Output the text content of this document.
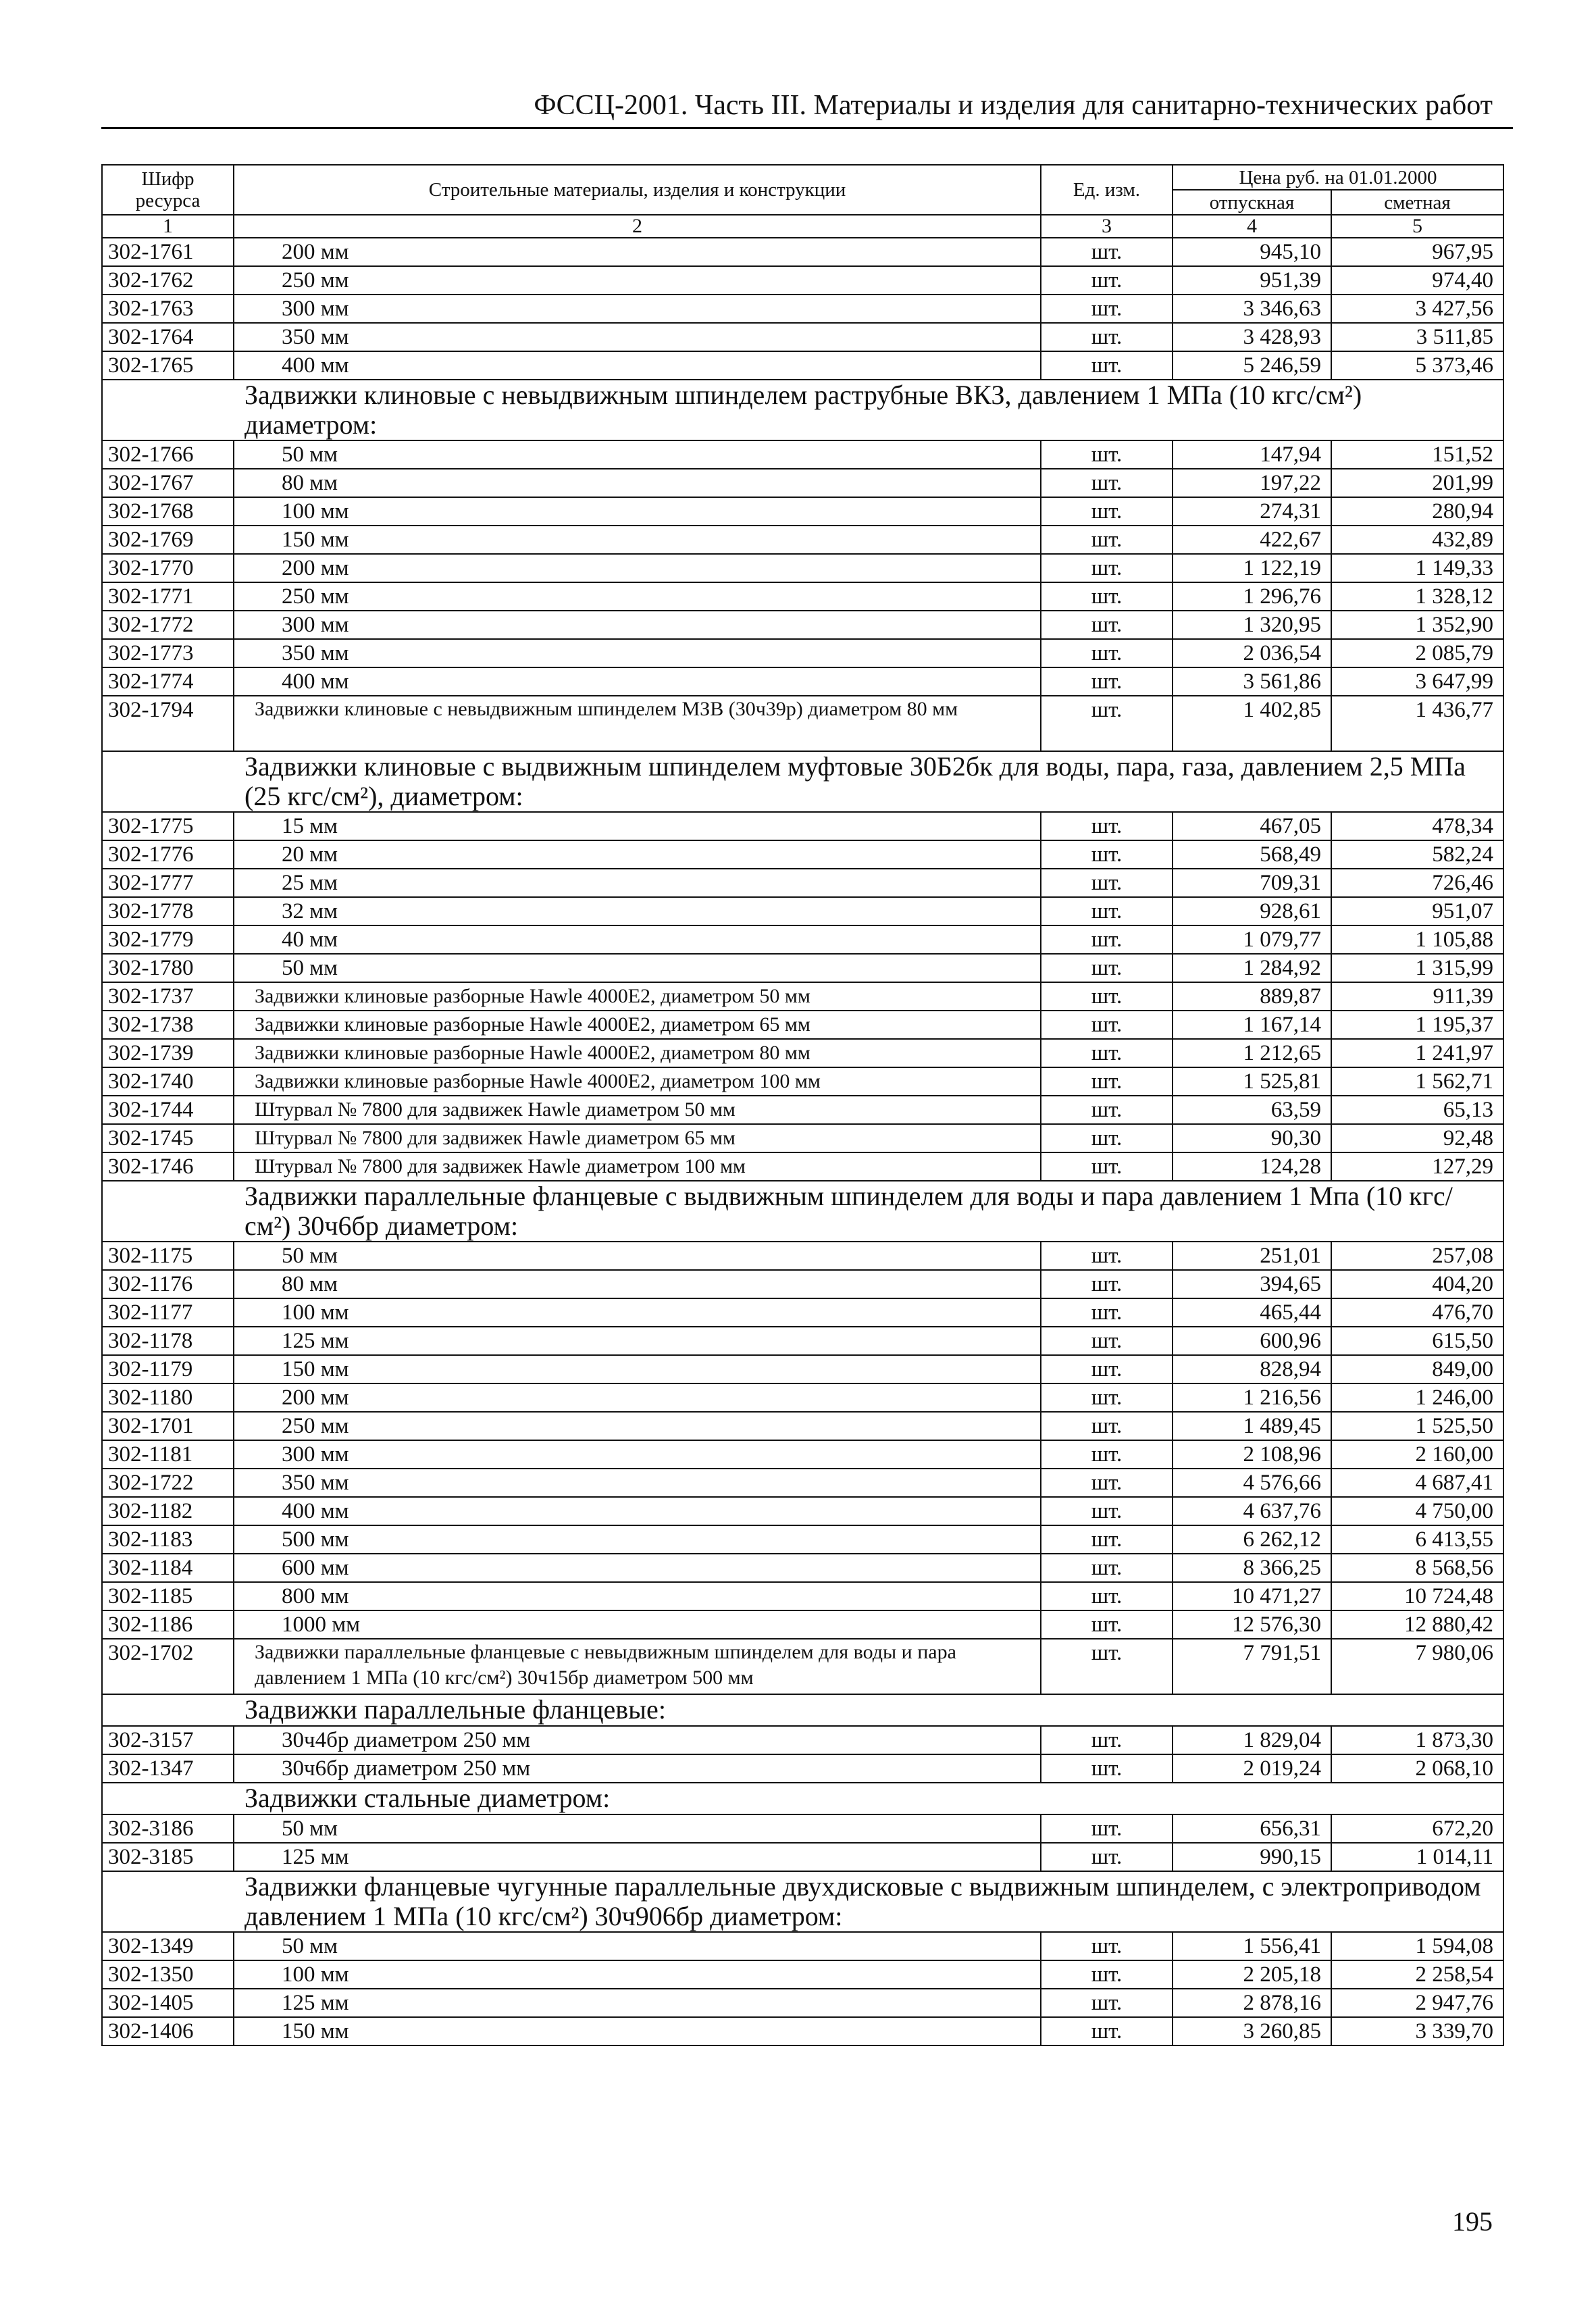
ФССЦ-2001. Часть III. Материалы и изделия для санитарно-технических работ
Шифр ресурса	Строительные материалы, изделия и конструкции	Ед. изм.	Цена руб. на 01.01.2000	
			отпускная	сметная
1	2	3	4	5
302-1761	200 мм	шт.	945,10	967,95
302-1762	250 мм	шт.	951,39	974,40
302-1763	300 мм	шт.	3 346,63	3 427,56
302-1764	350 мм	шт.	3 428,93	3 511,85
302-1765	400 мм	шт.	5 246,59	5 373,46
Задвижки клиновые с невыдвижным шпинделем раструбные ВКЗ, давлением 1 МПа (10 кгс/см²) диаметром:				
302-1766	50 мм	шт.	147,94	151,52
302-1767	80 мм	шт.	197,22	201,99
302-1768	100 мм	шт.	274,31	280,94
302-1769	150 мм	шт.	422,67	432,89
302-1770	200 мм	шт.	1 122,19	1 149,33
302-1771	250 мм	шт.	1 296,76	1 328,12
302-1772	300 мм	шт.	1 320,95	1 352,90
302-1773	350 мм	шт.	2 036,54	2 085,79
302-1774	400 мм	шт.	3 561,86	3 647,99
302-1794	Задвижки клиновые с невыдвижным шпинделем МЗВ (30ч39р) диаметром 80 мм	шт.	1 402,85	1 436,77
Задвижки клиновые с выдвижным шпинделем муфтовые 30Б2бк для воды, пара, газа, давлением 2,5 МПа (25 кгс/см²), диаметром:				
302-1775	15 мм	шт.	467,05	478,34
302-1776	20 мм	шт.	568,49	582,24
302-1777	25 мм	шт.	709,31	726,46
302-1778	32 мм	шт.	928,61	951,07
302-1779	40 мм	шт.	1 079,77	1 105,88
302-1780	50 мм	шт.	1 284,92	1 315,99
302-1737	Задвижки клиновые разборные Hawle 4000E2, диаметром 50 мм	шт.	889,87	911,39
302-1738	Задвижки клиновые разборные Hawle 4000E2, диаметром 65 мм	шт.	1 167,14	1 195,37
302-1739	Задвижки клиновые разборные Hawle 4000E2, диаметром 80 мм	шт.	1 212,65	1 241,97
302-1740	Задвижки клиновые разборные Hawle 4000E2, диаметром 100 мм	шт.	1 525,81	1 562,71
302-1744	Штурвал № 7800 для задвижек Hawle диаметром 50 мм	шт.	63,59	65,13
302-1745	Штурвал № 7800 для задвижек Hawle диаметром 65 мм	шт.	90,30	92,48
302-1746	Штурвал № 7800 для задвижек Hawle диаметром 100 мм	шт.	124,28	127,29
Задвижки параллельные фланцевые с выдвижным шпинделем для воды и пара давлением 1 Мпа (10 кгс/см²) 30ч6бр диаметром:				
302-1175	50 мм	шт.	251,01	257,08
302-1176	80 мм	шт.	394,65	404,20
302-1177	100 мм	шт.	465,44	476,70
302-1178	125 мм	шт.	600,96	615,50
302-1179	150 мм	шт.	828,94	849,00
302-1180	200 мм	шт.	1 216,56	1 246,00
302-1701	250 мм	шт.	1 489,45	1 525,50
302-1181	300 мм	шт.	2 108,96	2 160,00
302-1722	350 мм	шт.	4 576,66	4 687,41
302-1182	400 мм	шт.	4 637,76	4 750,00
302-1183	500 мм	шт.	6 262,12	6 413,55
302-1184	600 мм	шт.	8 366,25	8 568,56
302-1185	800 мм	шт.	10 471,27	10 724,48
302-1186	1000 мм	шт.	12 576,30	12 880,42
302-1702	Задвижки параллельные фланцевые с невыдвижным шпинделем для воды и пара давлением 1 МПа (10 кгс/см²) 30ч15бр диаметром 500 мм	шт.	7 791,51	7 980,06
Задвижки параллельные фланцевые:				
302-3157	30ч4бр диаметром 250 мм	шт.	1 829,04	1 873,30
302-1347	30ч6бр диаметром 250 мм	шт.	2 019,24	2 068,10
Задвижки стальные диаметром:				
302-3186	50 мм	шт.	656,31	672,20
302-3185	125 мм	шт.	990,15	1 014,11
Задвижки фланцевые чугунные параллельные двухдисковые с выдвижным шпинделем, с электроприводом давлением 1 МПа (10 кгс/см²) 30ч906бр диаметром:				
302-1349	50 мм	шт.	1 556,41	1 594,08
302-1350	100 мм	шт.	2 205,18	2 258,54
302-1405	125 мм	шт.	2 878,16	2 947,76
302-1406	150 мм	шт.	3 260,85	3 339,70
195
